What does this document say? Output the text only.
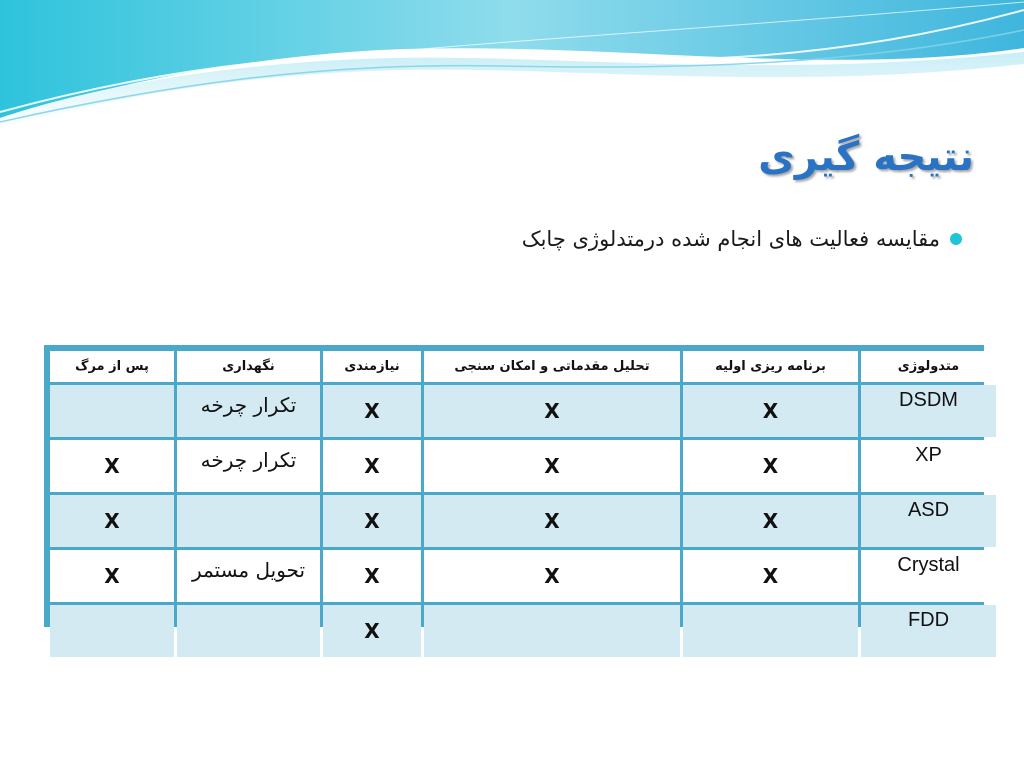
نتیجه گیری
مقایسه فعالیت های انجام شده درمتدلوژی چابک
متدولوژی	برنامه ریزی اولیه	تحلیل مقدماتی و امکان سنجی	نیازمندی	نگهداری	پس از مرگ
DSDM	X	X	X	تکرار چرخه	
XP	X	X	X	تکرار چرخه	X
ASD	X	X	X		X
Crystal	X	X	X	تحویل مستمر	X
FDD			X		
